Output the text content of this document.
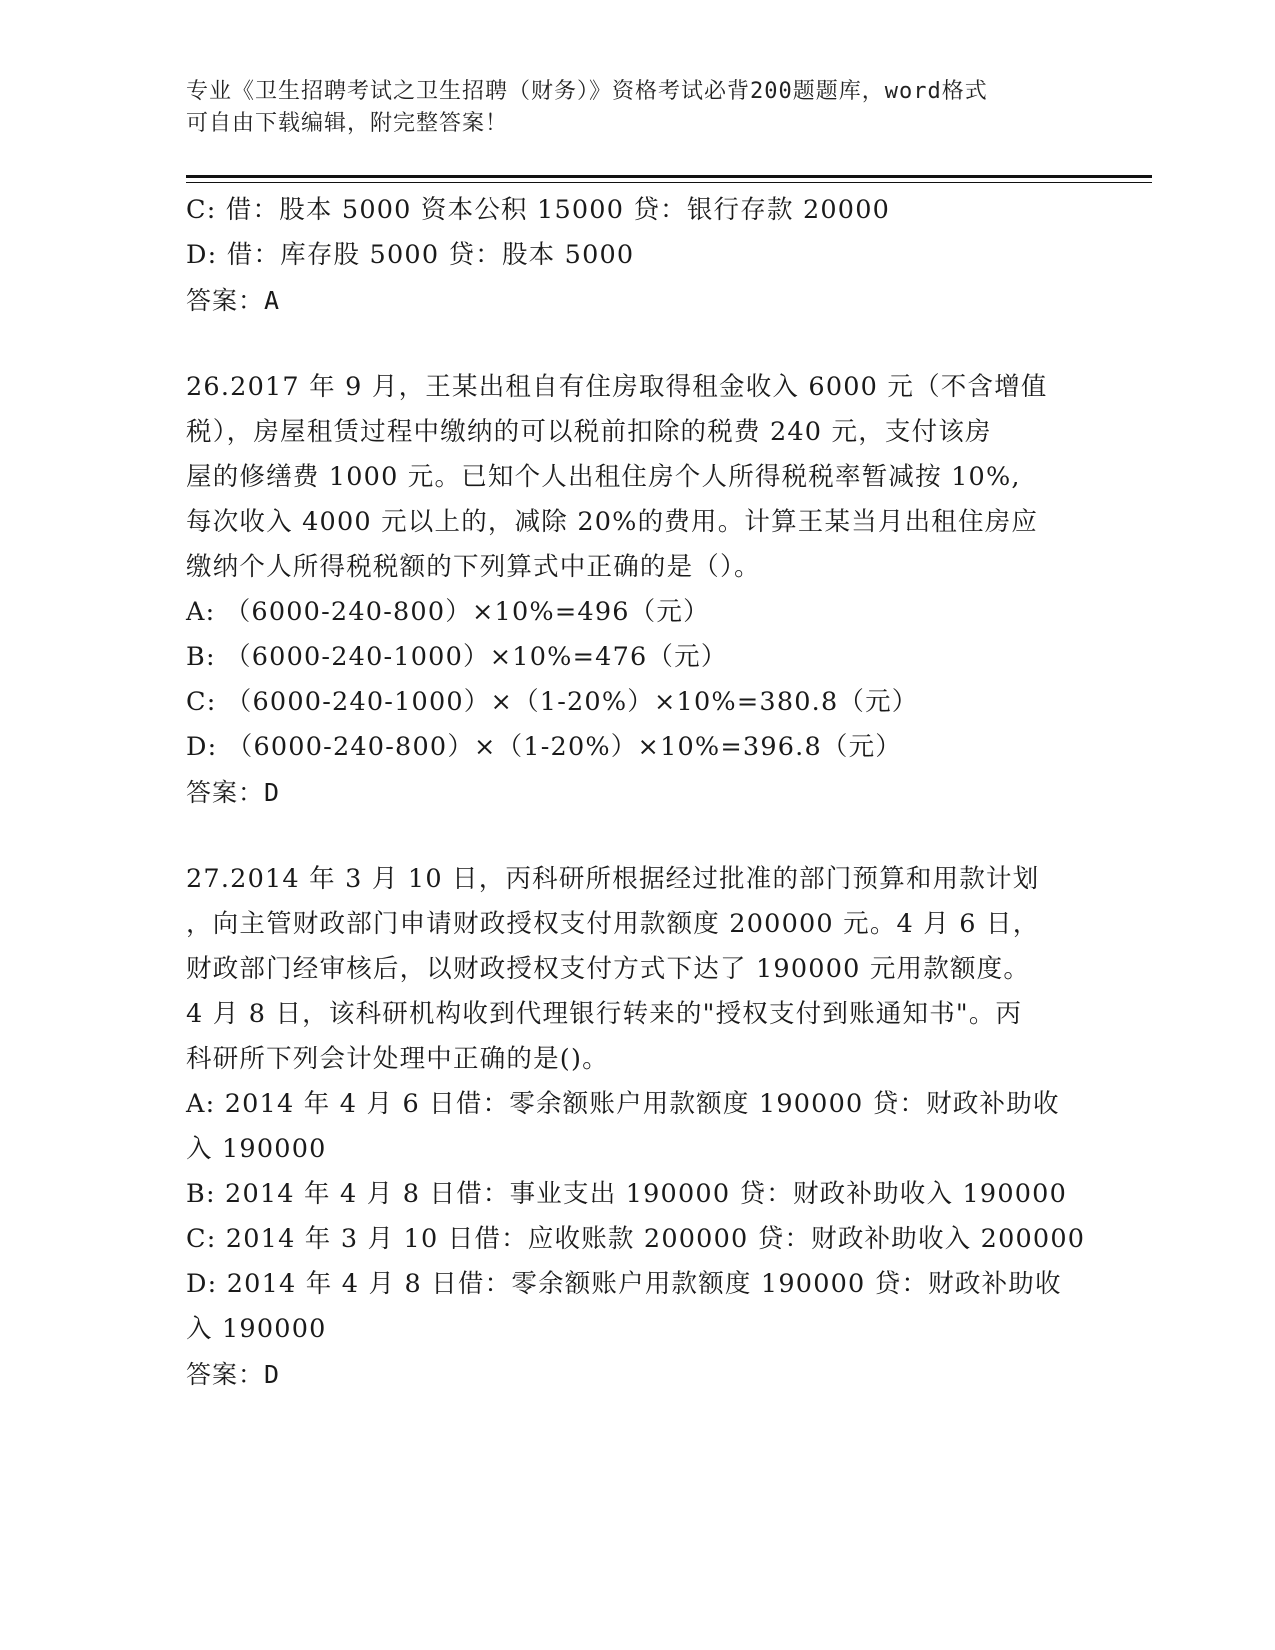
专业《卫生招聘考试之卫生招聘（财务）》资格考试必背200题题库，word格式
可自由下载编辑，附完整答案！
C: 借：股本 5000 资本公积 15000 贷：银行存款 20000
D: 借：库存股 5000 贷：股本 5000
答案：A
26.2017 年 9 月，王某出租自有住房取得租金收入 6000 元（不含增值
税），房屋租赁过程中缴纳的可以税前扣除的税费 240 元，支付该房
屋的修缮费 1000 元。已知个人出租住房个人所得税税率暂减按 10%,
每次收入 4000 元以上的，减除 20%的费用。计算王某当月出租住房应
缴纳个人所得税税额的下列算式中正确的是（）。
A: （6000-240-800）×10%=496（元）
B: （6000-240-1000）×10%=476（元）
C: （6000-240-1000）×（1-20%）×10%=380.8（元）
D: （6000-240-800）×（1-20%）×10%=396.8（元）
答案：D
27.2014 年 3 月 10 日，丙科研所根据经过批准的部门预算和用款计划
，向主管财政部门申请财政授权支付用款额度 200000 元。4 月 6 日，
财政部门经审核后，以财政授权支付方式下达了 190000 元用款额度。
4 月 8 日，该科研机构收到代理银行转来的"授权支付到账通知书"。丙
科研所下列会计处理中正确的是()。
A: 2014 年 4 月 6 日借：零余额账户用款额度 190000 贷：财政补助收
入 190000
B: 2014 年 4 月 8 日借：事业支出 190000 贷：财政补助收入 190000
C: 2014 年 3 月 10 日借：应收账款 200000 贷：财政补助收入 200000
D: 2014 年 4 月 8 日借：零余额账户用款额度 190000 贷：财政补助收
入 190000
答案：D
